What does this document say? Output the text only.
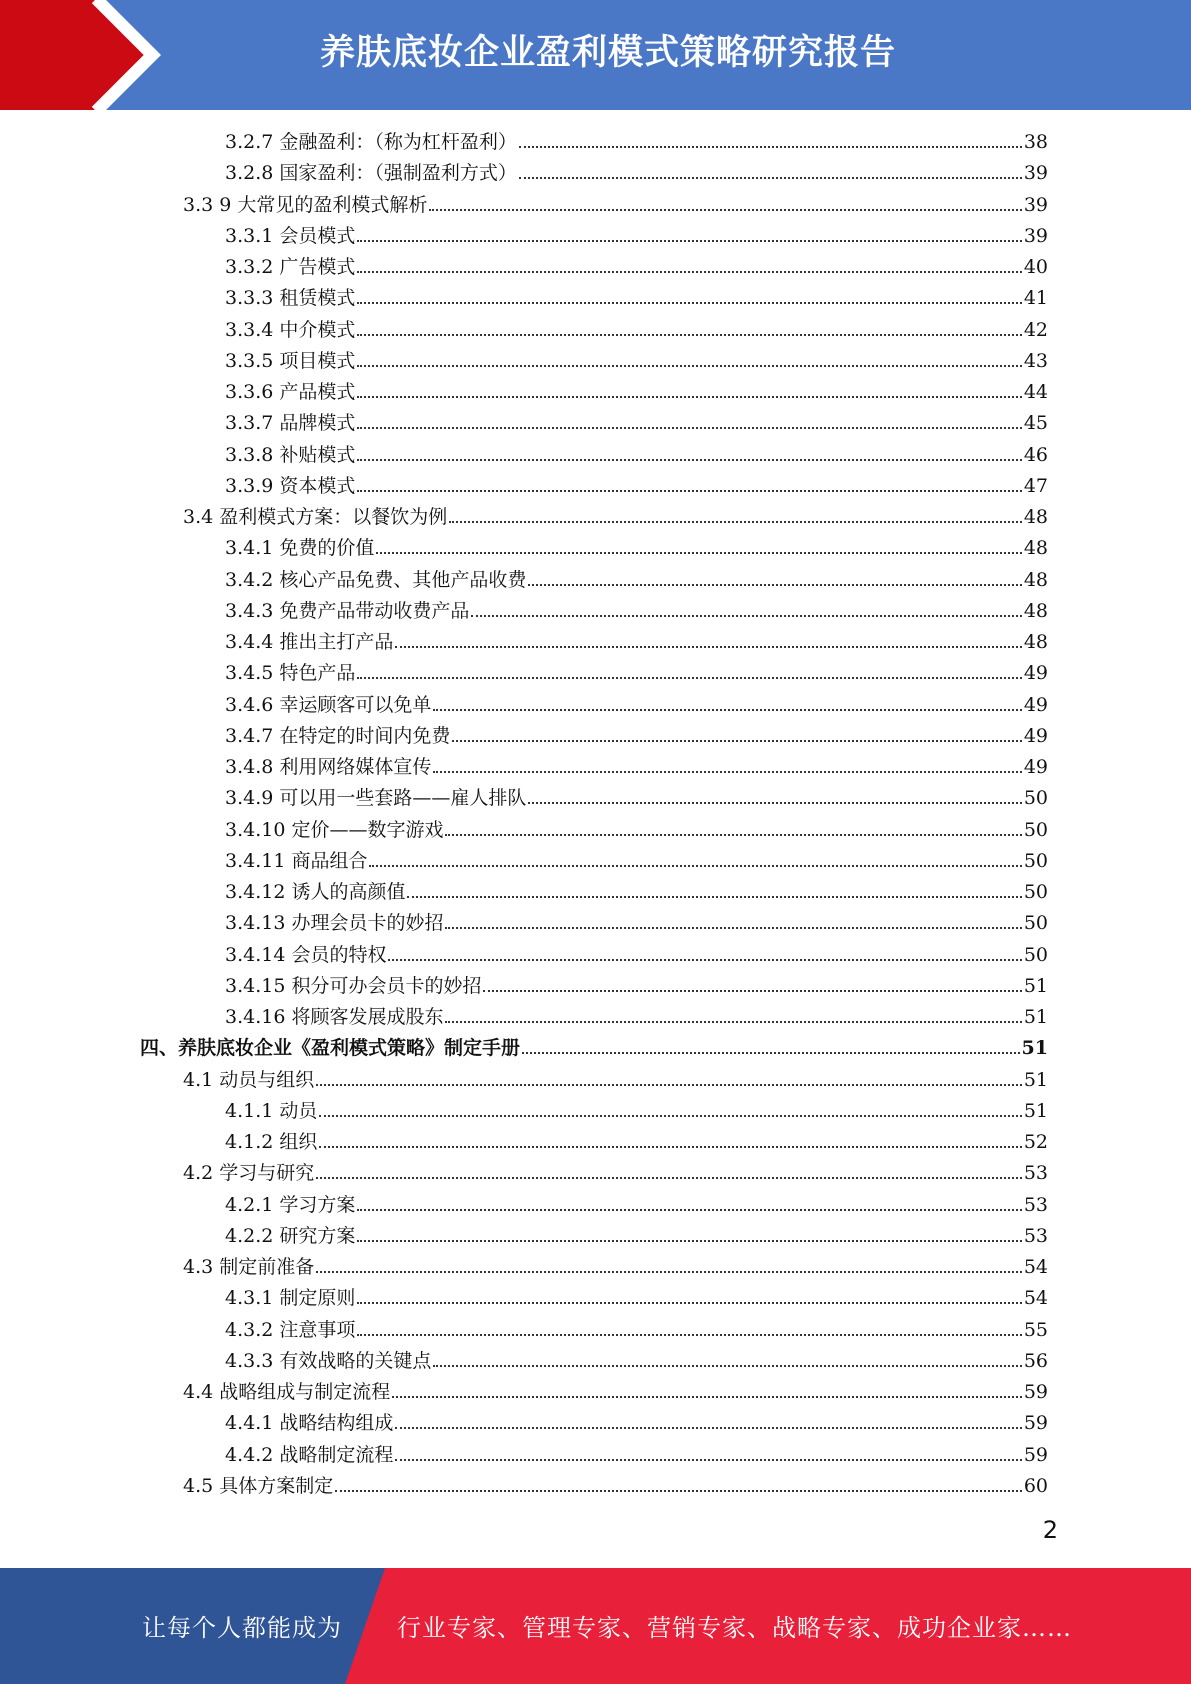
养肤底妆企业盈利模式策略研究报告
3.2.7 金融盈利：（称为杠杆盈利）	38
3.2.8 国家盈利：（强制盈利方式）	39
3.3 9 大常见的盈利模式解析	39
3.3.1 会员模式	39
3.3.2 广告模式	40
3.3.3 租赁模式	41
3.3.4 中介模式	42
3.3.5 项目模式	43
3.3.6 产品模式	44
3.3.7 品牌模式	45
3.3.8 补贴模式	46
3.3.9 资本模式	47
3.4 盈利模式方案：以餐饮为例	48
3.4.1 免费的价值	48
3.4.2 核心产品免费、其他产品收费	48
3.4.3 免费产品带动收费产品	48
3.4.4 推出主打产品	48
3.4.5 特色产品	49
3.4.6 幸运顾客可以免单	49
3.4.7 在特定的时间内免费	49
3.4.8 利用网络媒体宣传	49
3.4.9 可以用一些套路——雇人排队	50
3.4.10 定价——数字游戏	50
3.4.11 商品组合	50
3.4.12 诱人的高颜值	50
3.4.13 办理会员卡的妙招	50
3.4.14 会员的特权	50
3.4.15 积分可办会员卡的妙招	51
3.4.16 将顾客发展成股东	51
四、养肤底妆企业《盈利模式策略》制定手册	51
4.1 动员与组织	51
4.1.1 动员	51
4.1.2 组织	52
4.2 学习与研究	53
4.2.1 学习方案	53
4.2.2 研究方案	53
4.3 制定前准备	54
4.3.1 制定原则	54
4.3.2 注意事项	55
4.3.3 有效战略的关键点	56
4.4 战略组成与制定流程	59
4.4.1 战略结构组成	59
4.4.2 战略制定流程	59
4.5 具体方案制定	60
2
让每个人都能成为 行业专家、管理专家、营销专家、战略专家、成功企业家……
